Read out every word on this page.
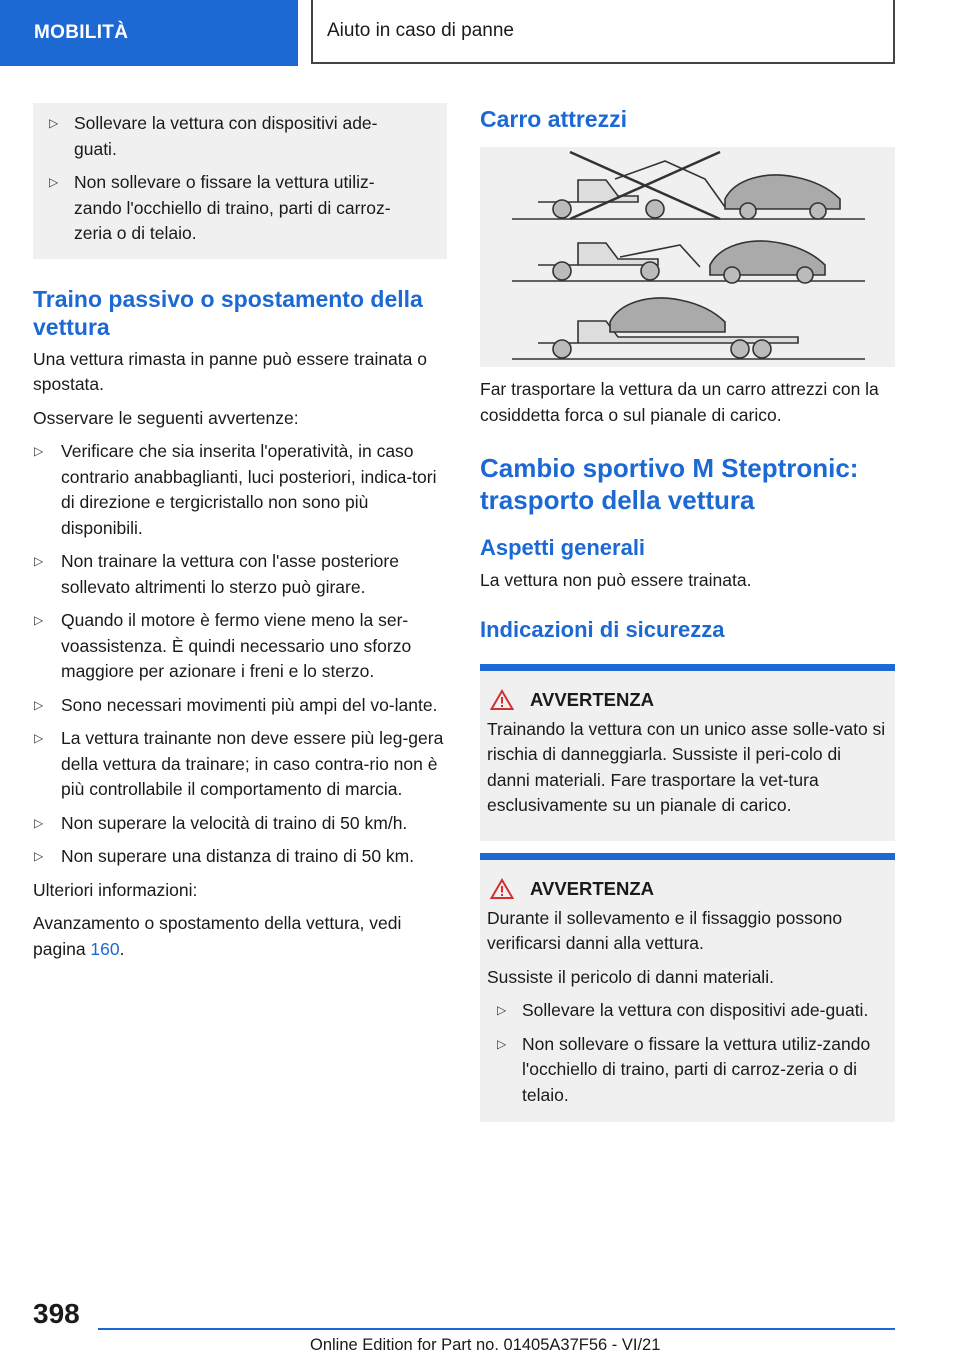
MOBILITÀ	Aiuto in caso di panne
▷ Sollevare la vettura con dispositivi ade-
guati.
▷ Non sollevare o fissare la vettura utiliz-
zando l'occhiello di traino, parti di carroz-
zeria o di telaio.
Traino passivo o spostamento della vettura

Una vettura rimasta in panne può essere trainata o spostata.

Osservare le seguenti avvertenze:

▷ Verificare che sia inserita l'operatività, in caso contrario anabbaglianti, luci posteriori, indica-tori di direzione e tergicristallo non sono più disponibili.
▷ Non trainare la vettura con l'asse posteriore sollevato altrimenti lo sterzo può girare.
▷ Quando il motore è fermo viene meno la ser-voassistenza. È quindi necessario uno sforzo maggiore per azionare i freni e lo sterzo.
▷ Sono necessari movimenti più ampi del vo-lante.
▷ La vettura trainante non deve essere più leg-gera della vettura da trainare; in caso contra-rio non è più controllabile il comportamento di marcia.
▷ Non superare la velocità di traino di 50 km/h.
▷ Non superare una distanza di traino di 50 km.

Ulteriori informazioni:

Avanzamento o spostamento della vettura, vedi pagina 160.

Carro attrezzi

Far trasportare la vettura da un carro attrezzi con la cosiddetta forca o sul pianale di carico.

Cambio sportivo M Steptronic: trasporto della vettura
Aspetti generali

La vettura non può essere trainata.

Indicazioni di sicurezza
AVVERTENZA

Trainando la vettura con un unico asse solle-vato si rischia di danneggiarla. Sussiste il peri-colo di danni materiali. Fare trasportare la vet-tura esclusivamente su un pianale di carico.

AVVERTENZA

Durante il sollevamento e il fissaggio possono verificarsi danni alla vettura.

Sussiste il pericolo di danni materiali.

▷ Sollevare la vettura con dispositivi ade-guati.
▷ Non sollevare o fissare la vettura utiliz-zando l'occhiello di traino, parti di carroz-zeria o di telaio.
398
Online Edition for Part no. 01405A37F56 - VI/21
